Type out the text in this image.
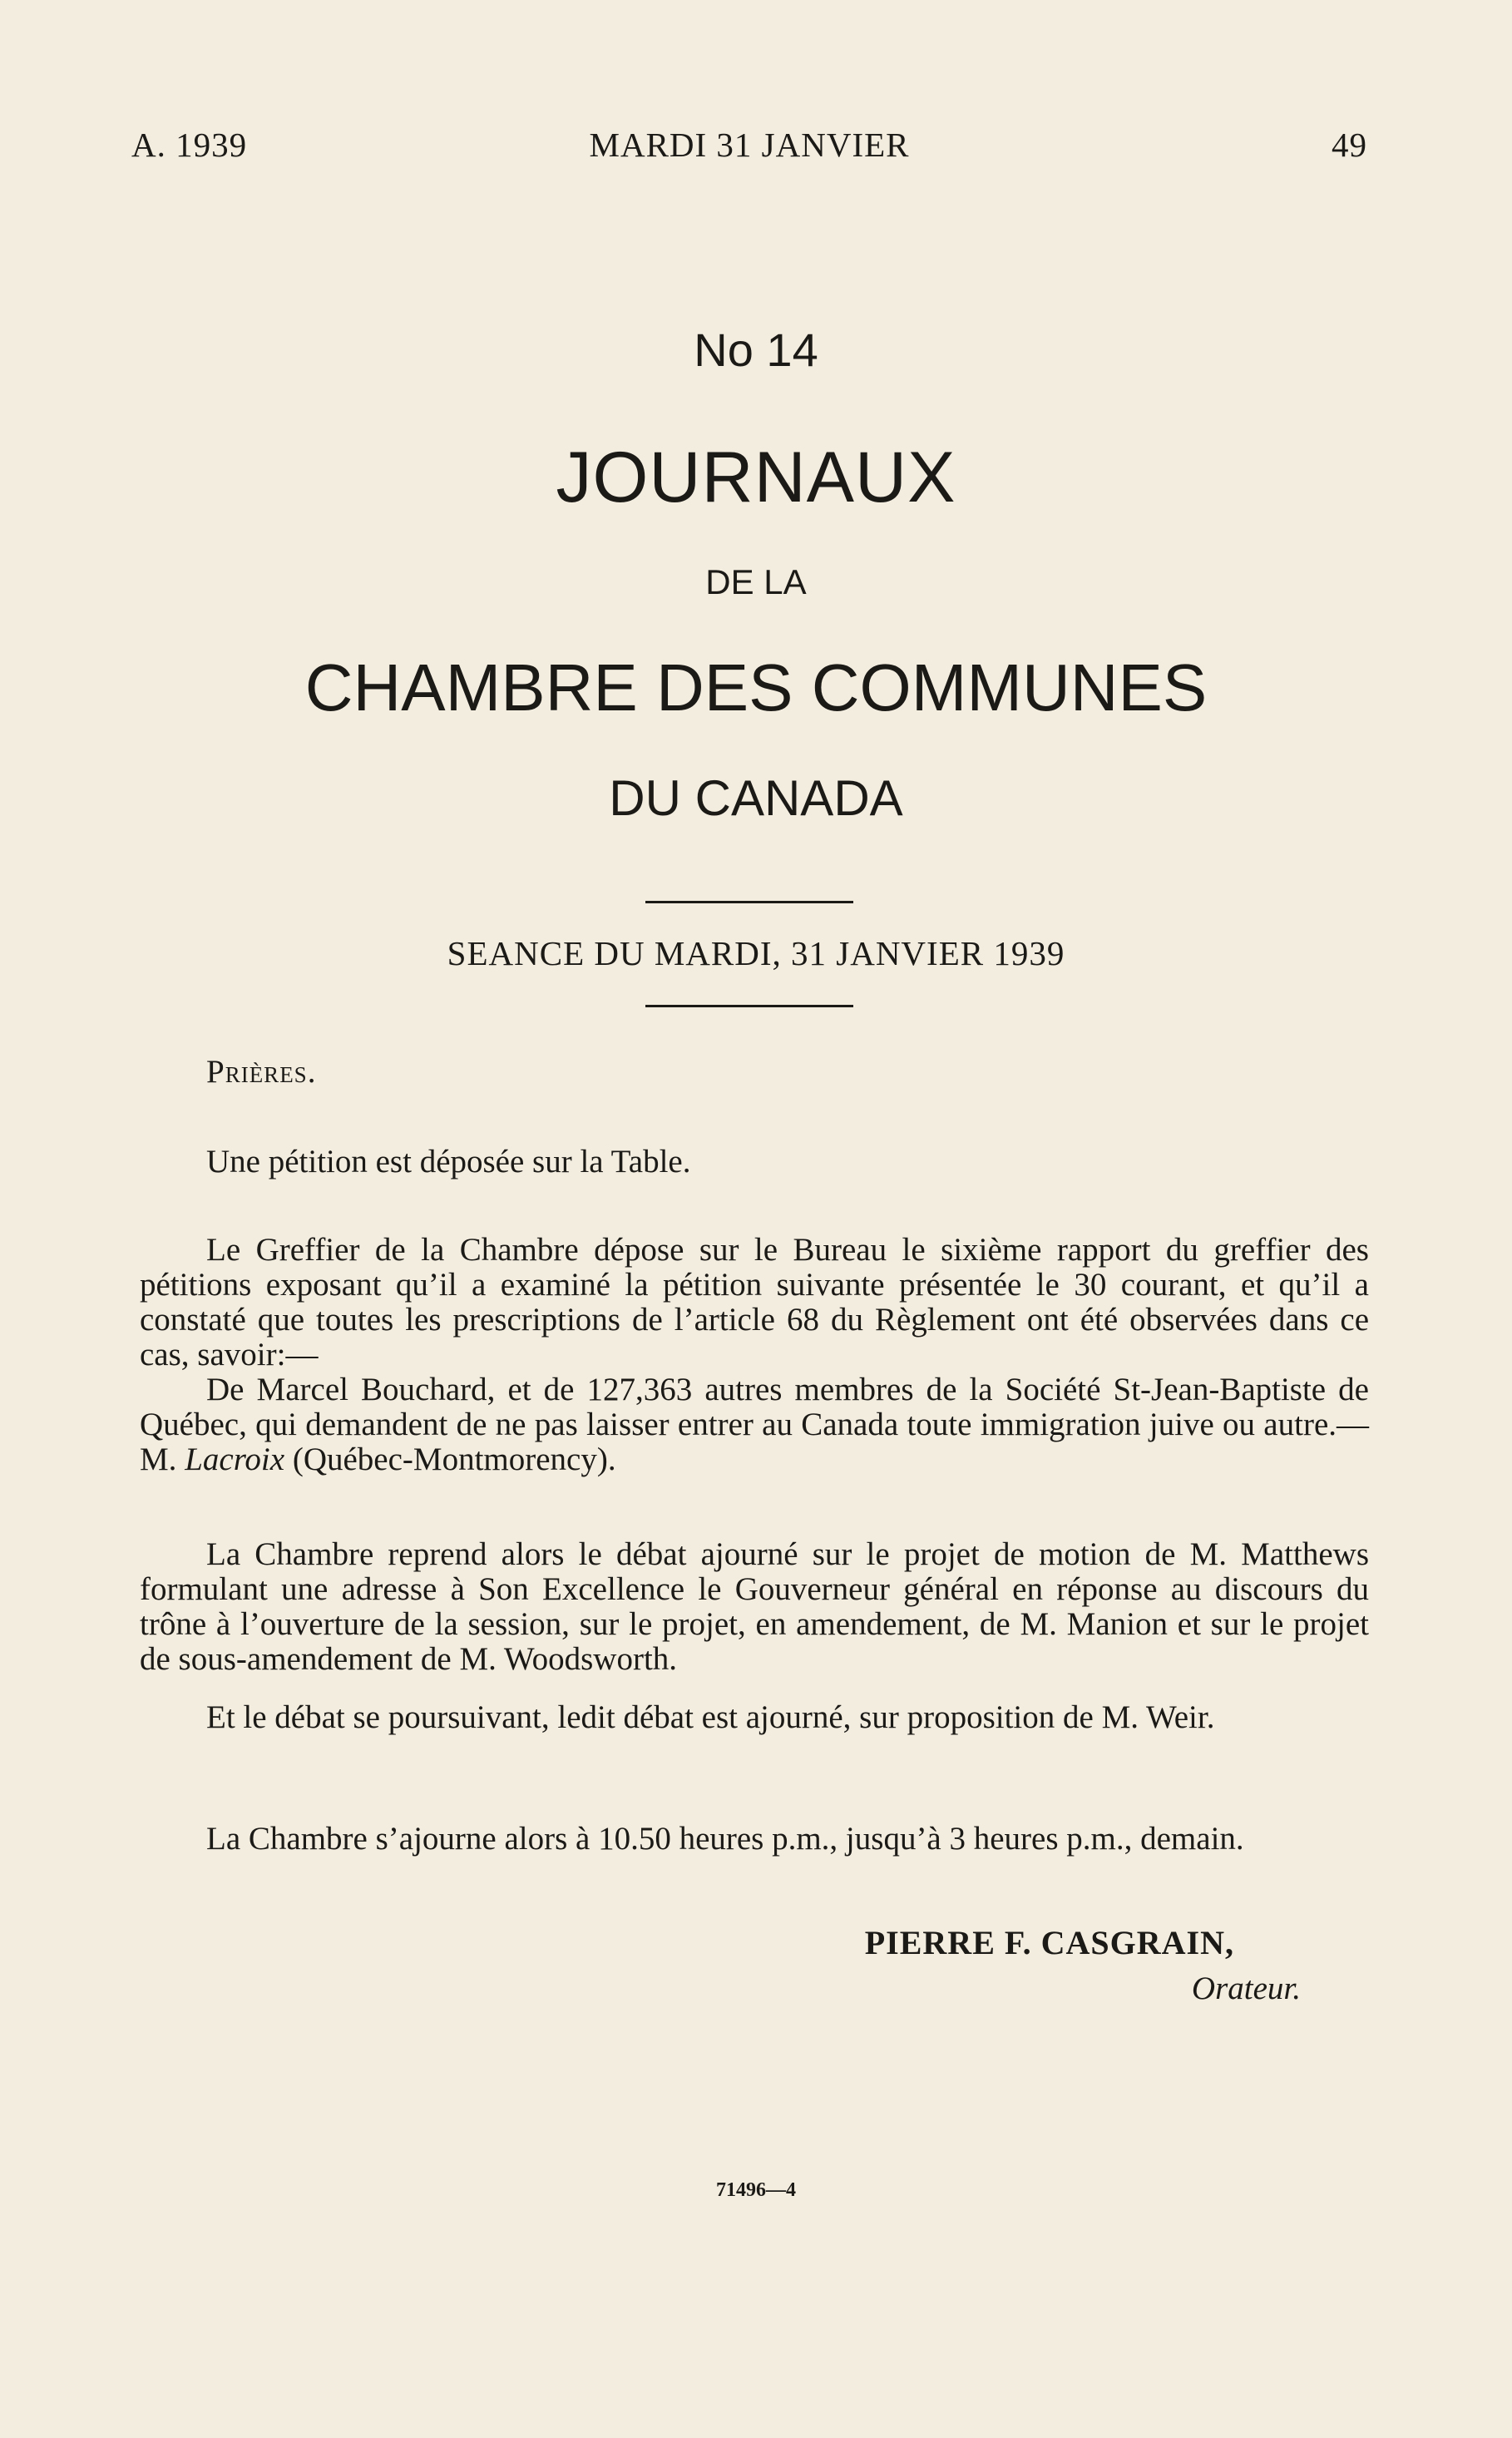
A. 1939	MARDI 31 JANVIER	49
No 14
JOURNAUX
DE LA
CHAMBRE DES COMMUNES
DU CANADA
SEANCE DU MARDI, 31 JANVIER 1939
Prières.
Une pétition est déposée sur la Table.

Le Greffier de la Chambre dépose sur le Bureau le sixième rapport du greffier des pétitions exposant qu’il a examiné la pétition suivante présentée le 30 courant, et qu’il a constaté que toutes les prescriptions de l’article 68 du Règlement ont été observées dans ce cas, savoir:—

De Marcel Bouchard, et de 127,363 autres membres de la Société St-Jean-Baptiste de Québec, qui demandent de ne pas laisser entrer au Canada toute immigration juive ou autre.—M. Lacroix (Québec-Montmorency).

La Chambre reprend alors le débat ajourné sur le projet de motion de M. Matthews formulant une adresse à Son Excellence le Gouverneur général en réponse au discours du trône à l’ouverture de la session, sur le projet, en amendement, de M. Manion et sur le projet de sous-amendement de M. Woodsworth.

Et le débat se poursuivant, ledit débat est ajourné, sur proposition de M. Weir.

La Chambre s’ajourne alors à 10.50 heures p.m., jusqu’à 3 heures p.m., demain.

PIERRE F. CASGRAIN,
Orateur.
71496—4
